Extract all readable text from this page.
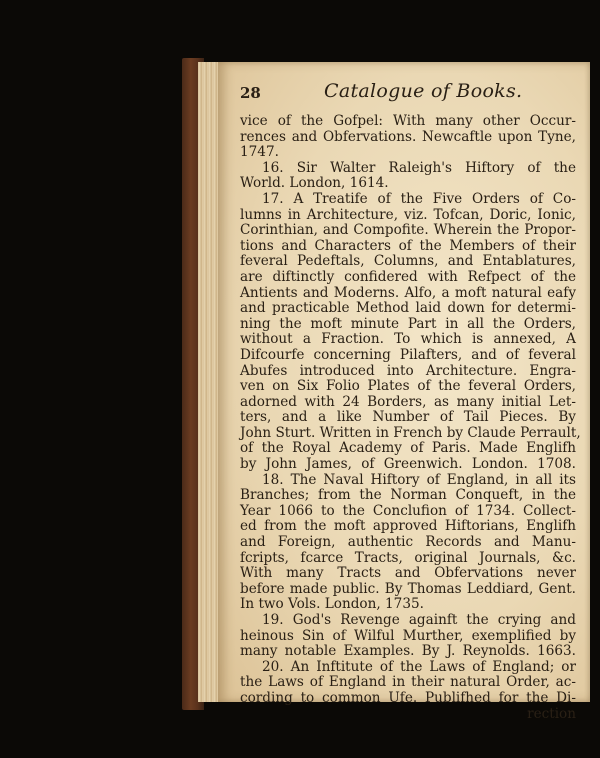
28	Catalogue of Books.
vice of the Gofpel: With many other Occur-
rences and Obfervations. Newcaftle upon Tyne,
1747.
16. Sir Walter Raleigh's Hiftory of the
World. London, 1614.
17. A Treatife of the Five Orders of Co-
lumns in Architecture, viz. Tofcan, Doric, Ionic,
Corinthian, and Compofite. Wherein the Propor-
tions and Characters of the Members of their
feveral Pedeftals, Columns, and Entablatures,
are diftinctly confidered with Refpect of the
Antients and Moderns. Alfo, a moft natural eafy
and practicable Method laid down for determi-
ning the moft minute Part in all the Orders,
without a Fraction. To which is annexed, A
Difcourfe concerning Pilafters, and of feveral
Abufes introduced into Architecture. Engra-
ven on Six Folio Plates of the feveral Orders,
adorned with 24 Borders, as many initial Let-
ters, and a like Number of Tail Pieces. By
John Sturt. Written in French by Claude Perrault,
of the Royal Academy of Paris. Made Englifh
by John James, of Greenwich. London. 1708.
18. The Naval Hiftory of England, in all its
Branches; from the Norman Conqueft, in the
Year 1066 to the Conclufion of 1734. Collect-
ed from the moft approved Hiftorians, Englifh
and Foreign, authentic Records and Manu-
fcripts, fcarce Tracts, original Journals, &c.
With many Tracts and Obfervations never
before made public. By Thomas Leddiard, Gent.
In two Vols. London, 1735.
19. God's Revenge againft the crying and
heinous Sin of Wilful Murther, exemplified by
many notable Examples. By J. Reynolds. 1663.
20. An Inftitute of the Laws of England; or
the Laws of England in their natural Order, ac-
cording to common Ufe. Publifhed for the Di-
rection
